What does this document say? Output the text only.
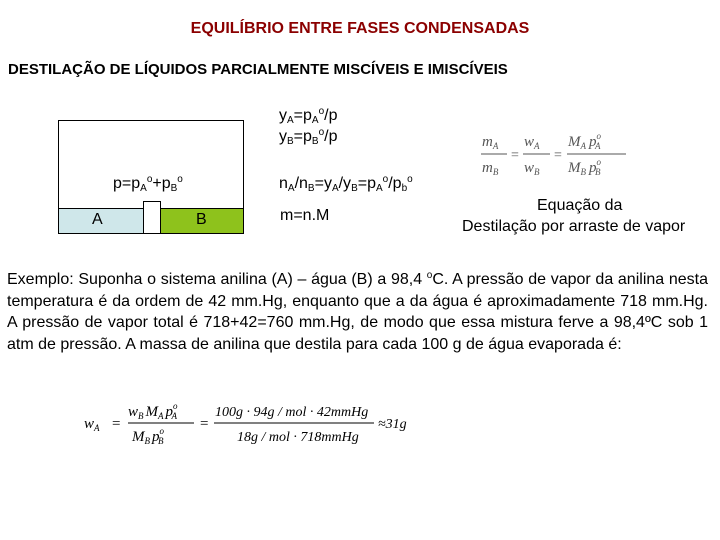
EQUILÍBRIO ENTRE FASES CONDENSADAS
DESTILAÇÃO DE LÍQUIDOS PARCIALMENTE MISCÍVEIS E IMISCÍVEIS
A	B
$p=p_A^o+p_B^o$
$y_A=p_A^o/p$
$y_B=p_B^o/p$
$n_A/n_B=y_A/y_B=p_A^o/p_b^o$
m=n.M
$m_A$
$m_B$
=
$w_A$
$w_B$
=
$M_A$ $p^o$ A
$M_B$ $p^o$ B
Equação da
Destilação por arraste de vapor

Exemplo: Suponha o sistema anilina (A) – água (B) a 98,4 $^o$C. A pressão de vapor da anilina nesta temperatura é da ordem de 42 mm.Hg, enquanto que a da água é aproximadamente 718 mm.Hg. A pressão de vapor total é 718+42=760 mm.Hg, de modo que essa mistura ferve a 98,4ºC sob 1 atm de pressão. A massa de anilina que destila para cada 100 g de água evaporada é:

$w_A$ =
$w_B$ $M_A$ $p^o$ A
$M_B$ $p^o$ B
=
100g · 94g / mol · 42mmHg
18g / mol · 718mmHg
≈31g
